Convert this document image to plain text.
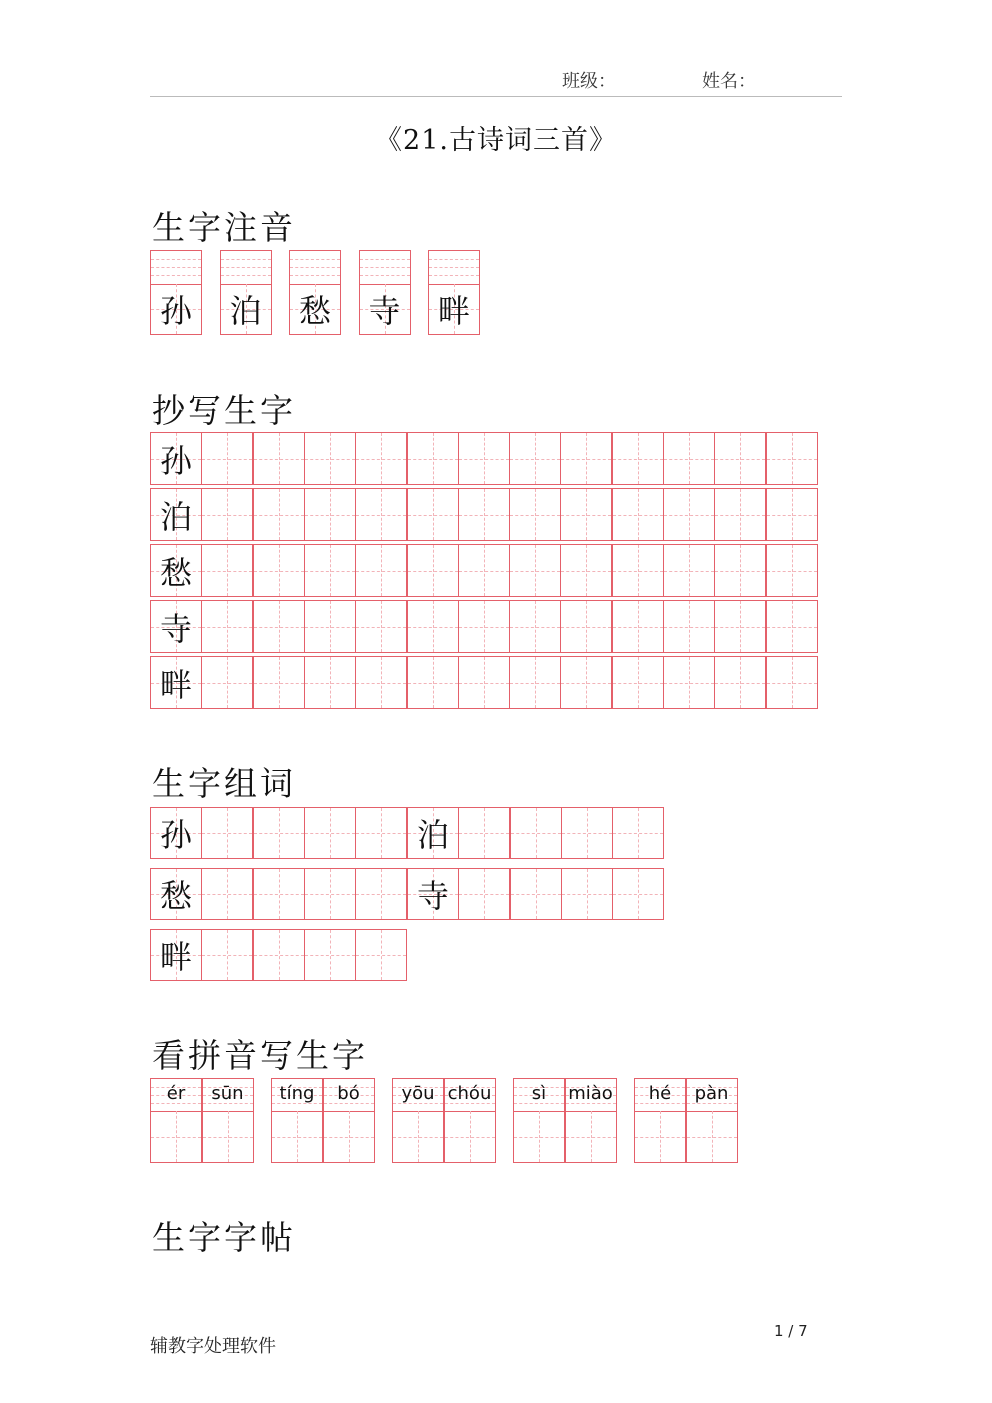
班级：	姓名：
《21.古诗词三首》
生字注音
抄写生字
生字组词
看拼音写生字
生字字帖
孙 泊 愁 寺 畔
孙
泊
愁
寺
畔
孙	泊
愁	寺
畔
ér	sūn	tíng	bó	yōu chóu	sì	miào	hé	pàn
辅教字处理软件
1 / 7
